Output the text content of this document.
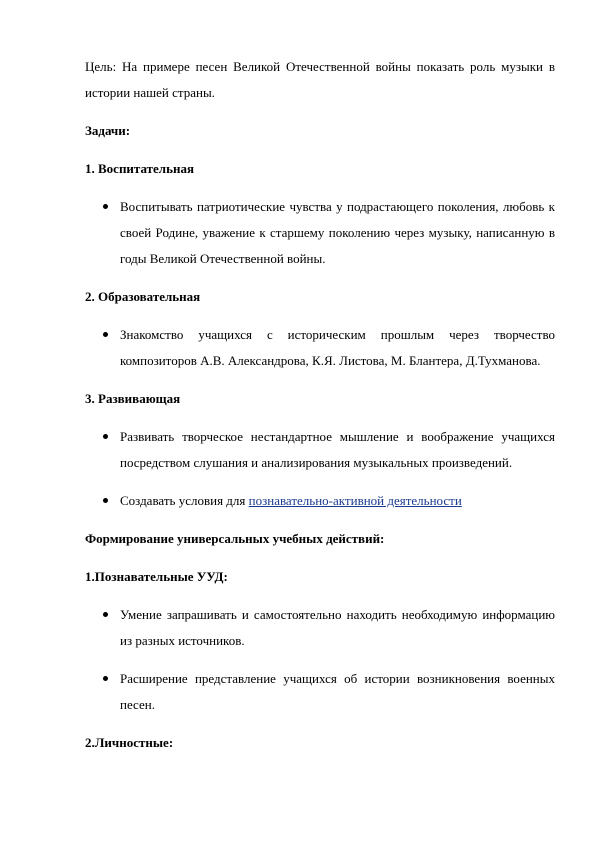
Цель: На примере песен Великой Отечественной войны показать роль музыки в истории нашей страны.
Задачи:
1. Воспитательная
Воспитывать патриотические чувства у подрастающего поколения, любовь к своей Родине, уважение к старшему поколению через музыку, написанную в годы Великой Отечественной войны.
2. Образовательная
Знакомство учащихся с историческим прошлым через творчество композиторов А.В. Александрова, К.Я. Листова, М. Блантера, Д.Тухманова.
3. Развивающая
Развивать творческое нестандартное мышление и воображение учащихся посредством слушания и анализирования музыкальных произведений.
Создавать условия для познавательно-активной деятельности
Формирование универсальных учебных действий:
1.Познавательные УУД:
Умение запрашивать и самостоятельно находить необходимую информацию из разных источников.
Расширение представление учащихся об истории возникновения военных песен.
2.Личностные:
